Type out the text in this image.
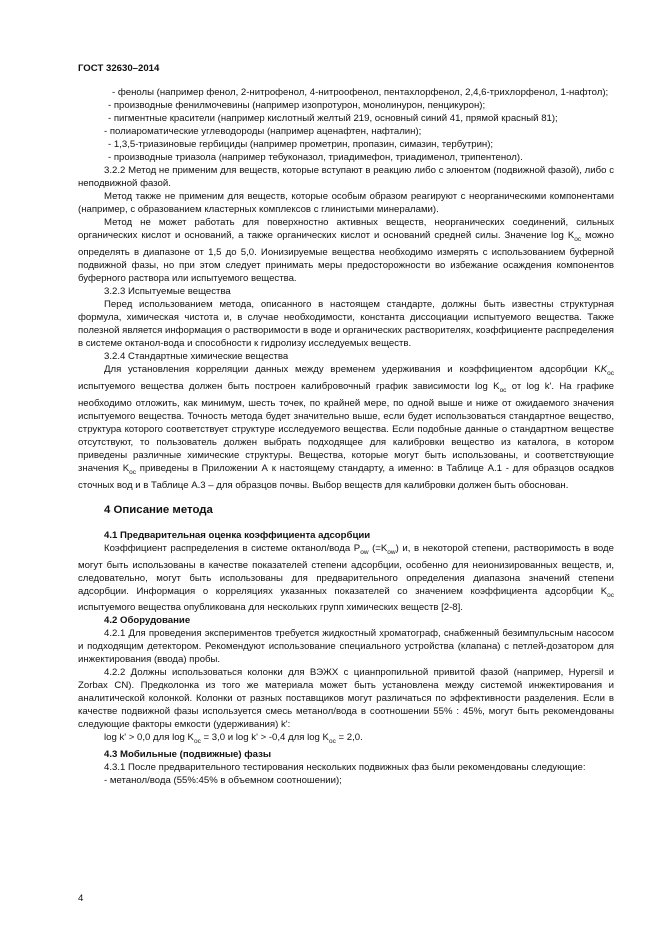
ГОСТ 32630–2014

- фенолы (например фенол, 2-нитрофенол, 4-нитроофенол, пентахлорфенол, 2,4,6-трихлорфенол, 1-нафтол);

- производные фенилмочевины (например изопротурон, монолинурон, пенцикурон);

- пигментные красители (например кислотный желтый 219, основный синий 41, прямой красный 81);

- полиароматические углеводороды (например аценафтен, нафталин);

- 1,3,5-триазиновые гербициды (например прометрин, пропазин, симазин, тербутрин);

- производные триазола (например тебуконазол, триадимефон, триадименол, трипентенол).

3.2.2 Метод не применим для веществ, которые вступают в реакцию либо с элюентом (подвижной фазой), либо с неподвижной фазой.

Метод также не применим для веществ, которые особым образом реагируют с неорганическими компонентами (например, с образованием кластерных комплексов с глинистыми минералами).

Метод не может работать для поверхностно активных веществ, неорганических соединений, сильных органических кислот и оснований, а также органических кислот и оснований средней силы. Значение $\log K_{ос}$ можно определять в диапазоне от 1,5 до 5,0. Ионизируемые вещества необходимо измерять с использованием буферной подвижной фазы, но при этом следует принимать меры предосторожности во избежание осаждения компонентов буферного раствора или испытуемого вещества.

3.2.3 Испытуемые вещества

Перед использованием метода, описанного в настоящем стандарте, должны быть известны структурная формула, химическая чистота и, в случае необходимости, константа диссоциации испытуемого вещества. Также полезной является информация о растворимости в воде и органических растворителях, коэффициенте распределения в системе октанол-вода и способности к гидролизу исследуемых веществ.

3.2.4 Стандартные химические вещества

Для установления корреляции данных между временем удерживания и коэффициентом адсорбции $KK_{ос}$ испытуемого вещества должен быть построен калибровочный график зависимости $\log K_{ос}$ от log k'. На графике необходимо отложить, как минимум, шесть точек, по крайней мере, по одной выше и ниже от ожидаемого значения испытуемого вещества. Точность метода будет значительно выше, если будет использоваться стандартное вещество, структура которого соответствует структуре исследуемого вещества. Если подобные данные о стандартном веществе отсутствуют, то пользователь должен выбрать подходящее для калибровки вещество из каталога, в котором приведены различные химические структуры. Вещества, которые могут быть использованы, и соответствующие значения $K_{ос}$ приведены в Приложении А к настоящему стандарту, а именно: в Таблице А.1 - для образцов осадков сточных вод и в Таблице А.3 – для образцов почвы. Выбор веществ для калибровки должен быть обоснован.

4 Описание метода

4.1 Предварительная оценка коэффициента адсорбции

Коэффициент распределения в системе октанол/вода $P_{ow}$ $(=K_{ow})$ и, в некоторой степени, растворимость в воде могут быть использованы в качестве показателей степени адсорбции, особенно для неионизированных веществ, и, следовательно, могут быть использованы для предварительного определения диапазона значений степени адсорбции. Информация о корреляциях указанных показателей со значением коэффициента адсорбции $K_{ос}$ испытуемого вещества опубликована для нескольких групп химических веществ [2-8].

4.2 Оборудование

4.2.1 Для проведения экспериментов требуется жидкостный хроматограф, снабженный безимпульсным насосом и подходящим детектором. Рекомендуют использование специального устройства (клапана) с петлей-дозатором для инжектирования (ввода) пробы.

4.2.2 Должны использоваться колонки для ВЭЖХ с цианпропильной привитой фазой (например, Hypersil и Zorbax CN). Предколонка из того же материала может быть установлена между системой инжектирования и аналитической колонкой. Колонки от разных поставщиков могут различаться по эффективности разделения. Если в качестве подвижной фазы используется смесь метанол/вода в соотношении 55% : 45%, могут быть рекомендованы следующие факторы емкости (удерживания) k':

log k' > 0,0 для $\log K_{ос} = 3,0$ и log k' > -0,4 для $\log K_{ос} = 2,0$.

4.3 Мобильные (подвижные) фазы

4.3.1 После предварительного тестирования нескольких подвижных фаз были рекомендованы следующие:

- метанол/вода (55%:45% в объемном соотношении);

4
